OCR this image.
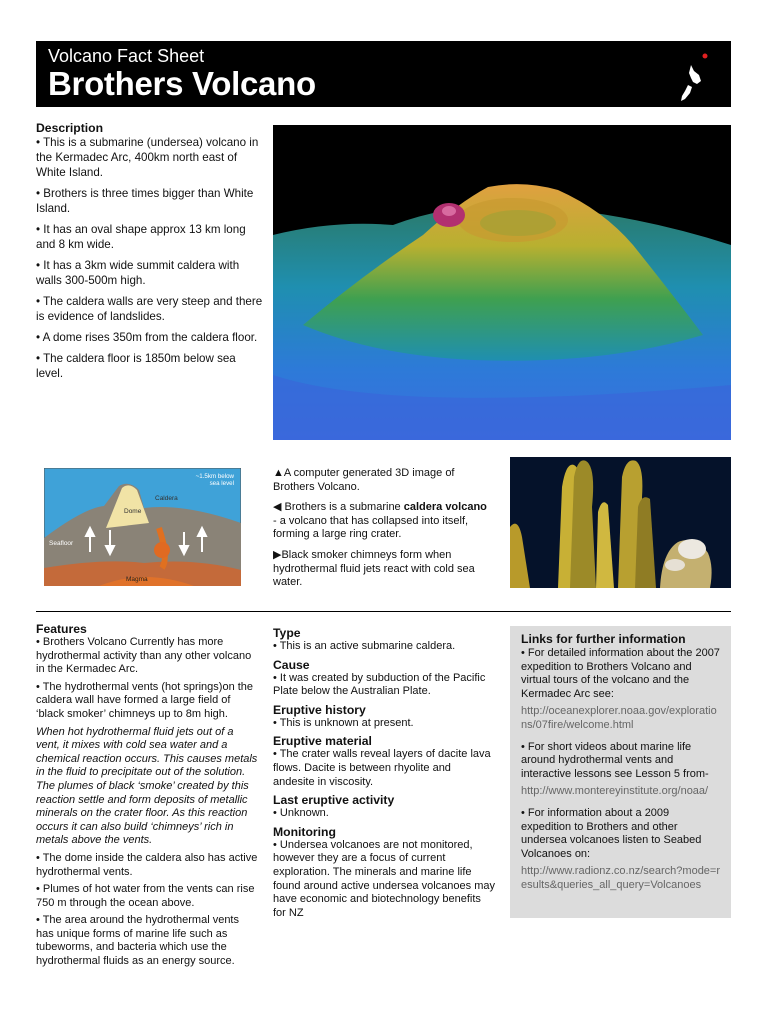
Volcano Fact Sheet
Brothers Volcano

Description

• This is a submarine (undersea) volcano in the Kermadec Arc, 400km north east of White Island.

• Brothers is three times bigger than White Island.

• It has an oval shape approx 13 km long and 8 km wide.

• It has a 3km wide summit caldera with walls 300-500m high.

• The caldera walls are very steep and there is evidence of landslides.

• A dome rises 350m from the caldera floor.

• The caldera floor is 1850m below sea level.

~1.5km below
sea level
Caldera
Dome
Seafloor
Magma

▲A computer generated 3D image of Brothers Volcano.

◀ Brothers is a submarine caldera volcano - a volcano that has collapsed into itself, forming a large ring crater.

▶Black smoker chimneys form when hydrothermal fluid jets react with cold sea water.

Features

• Brothers Volcano Currently has more hydrothermal activity than any other volcano in the Kermadec Arc.

• The hydrothermal vents (hot springs)on the caldera wall have formed a large field of ‘black smoker’ chimneys up to 8m high.

When hot hydrothermal fluid jets out of a vent, it mixes with cold sea water and a chemical reaction occurs. This causes metals in the fluid to precipitate out of the solution. The plumes of black ‘smoke’ created by this reaction settle and form deposits of metallic minerals on the crater floor. As this reaction occurs it can also build ‘chimneys’ rich in metals above the vents.

• The dome inside the caldera also has active hydrothermal vents.

• Plumes of hot water from the vents can rise 750 m through the ocean above.

• The area around the hydrothermal vents has unique forms of marine life such as tubeworms, and bacteria which use the hydrothermal fluids as an energy source.

Type

• This is an active submarine caldera.

Cause

• It was created by subduction of the Pacific Plate below the Australian Plate.

Eruptive history

• This is unknown at present.

Eruptive material

• The crater walls reveal layers of dacite lava flows. Dacite is between rhyolite and andesite in viscosity.

Last eruptive activity

• Unknown.

Monitoring

• Undersea volcanoes are not monitored, however they are a focus of current exploration. The minerals and marine life found around active undersea volcanoes may have economic and biotechnology benefits for NZ

Links for further information

• For detailed information about the 2007 expedition to Brothers Volcano and virtual tours of the volcano and the Kermadec Arc see:

http://oceanexplorer.noaa.gov/explorations/07fire/welcome.html

• For short videos about marine life around hydrothermal vents and interactive lessons see Lesson 5 from-

http://www.montereyinstitute.org/noaa/

• For information about a 2009 expedition to Brothers and other undersea volcanoes listen to Seabed Volcanoes on:

http://www.radionz.co.nz/search?mode=results&queries_all_query=Volcanoes
